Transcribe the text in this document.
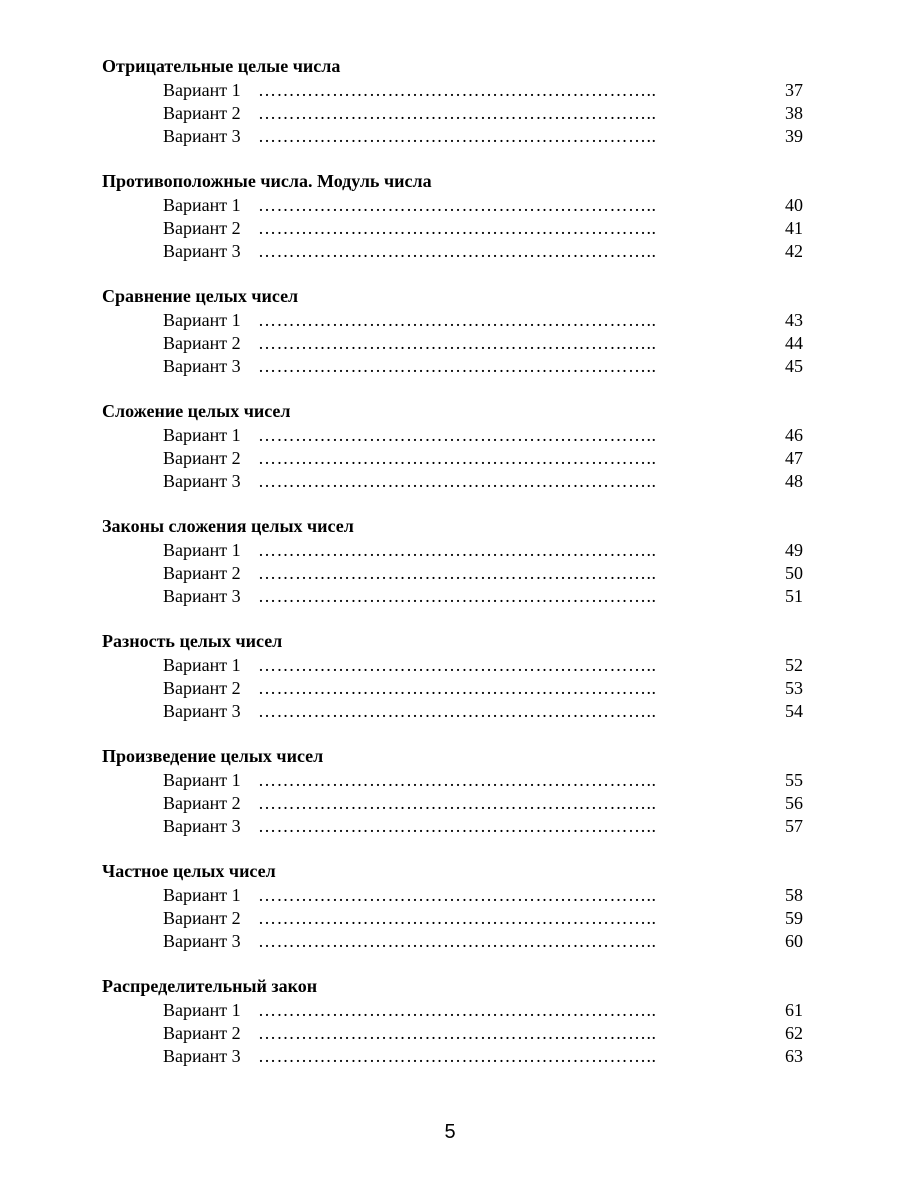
Отрицательные целые числа
Вариант 1 ………………………………………………………..	37
Вариант 2 ………………………………………………………..	38
Вариант 3 ………………………………………………………..	39
Противоположные числа. Модуль числа
Вариант 1 ………………………………………………………..	40
Вариант 2 ………………………………………………………..	41
Вариант 3 ………………………………………………………..	42
Сравнение целых чисел
Вариант 1 ………………………………………………………..	43
Вариант 2 ………………………………………………………..	44
Вариант 3 ………………………………………………………..	45
Сложение целых чисел
Вариант 1 ………………………………………………………..	46
Вариант 2 ………………………………………………………..	47
Вариант 3 ………………………………………………………..	48
Законы сложения целых чисел
Вариант 1 ………………………………………………………..	49
Вариант 2 ………………………………………………………..	50
Вариант 3 ………………………………………………………..	51
Разность целых чисел
Вариант 1 ………………………………………………………..	52
Вариант 2 ………………………………………………………..	53
Вариант 3 ………………………………………………………..	54
Произведение целых чисел
Вариант 1 ………………………………………………………..	55
Вариант 2 ………………………………………………………..	56
Вариант 3 ………………………………………………………..	57
Частное целых чисел
Вариант 1 ………………………………………………………..	58
Вариант 2 ………………………………………………………..	59
Вариант 3 ………………………………………………………..	60
Распределительный закон
Вариант 1 ………………………………………………………..	61
Вариант 2 ………………………………………………………..	62
Вариант 3 ………………………………………………………..	63
5
